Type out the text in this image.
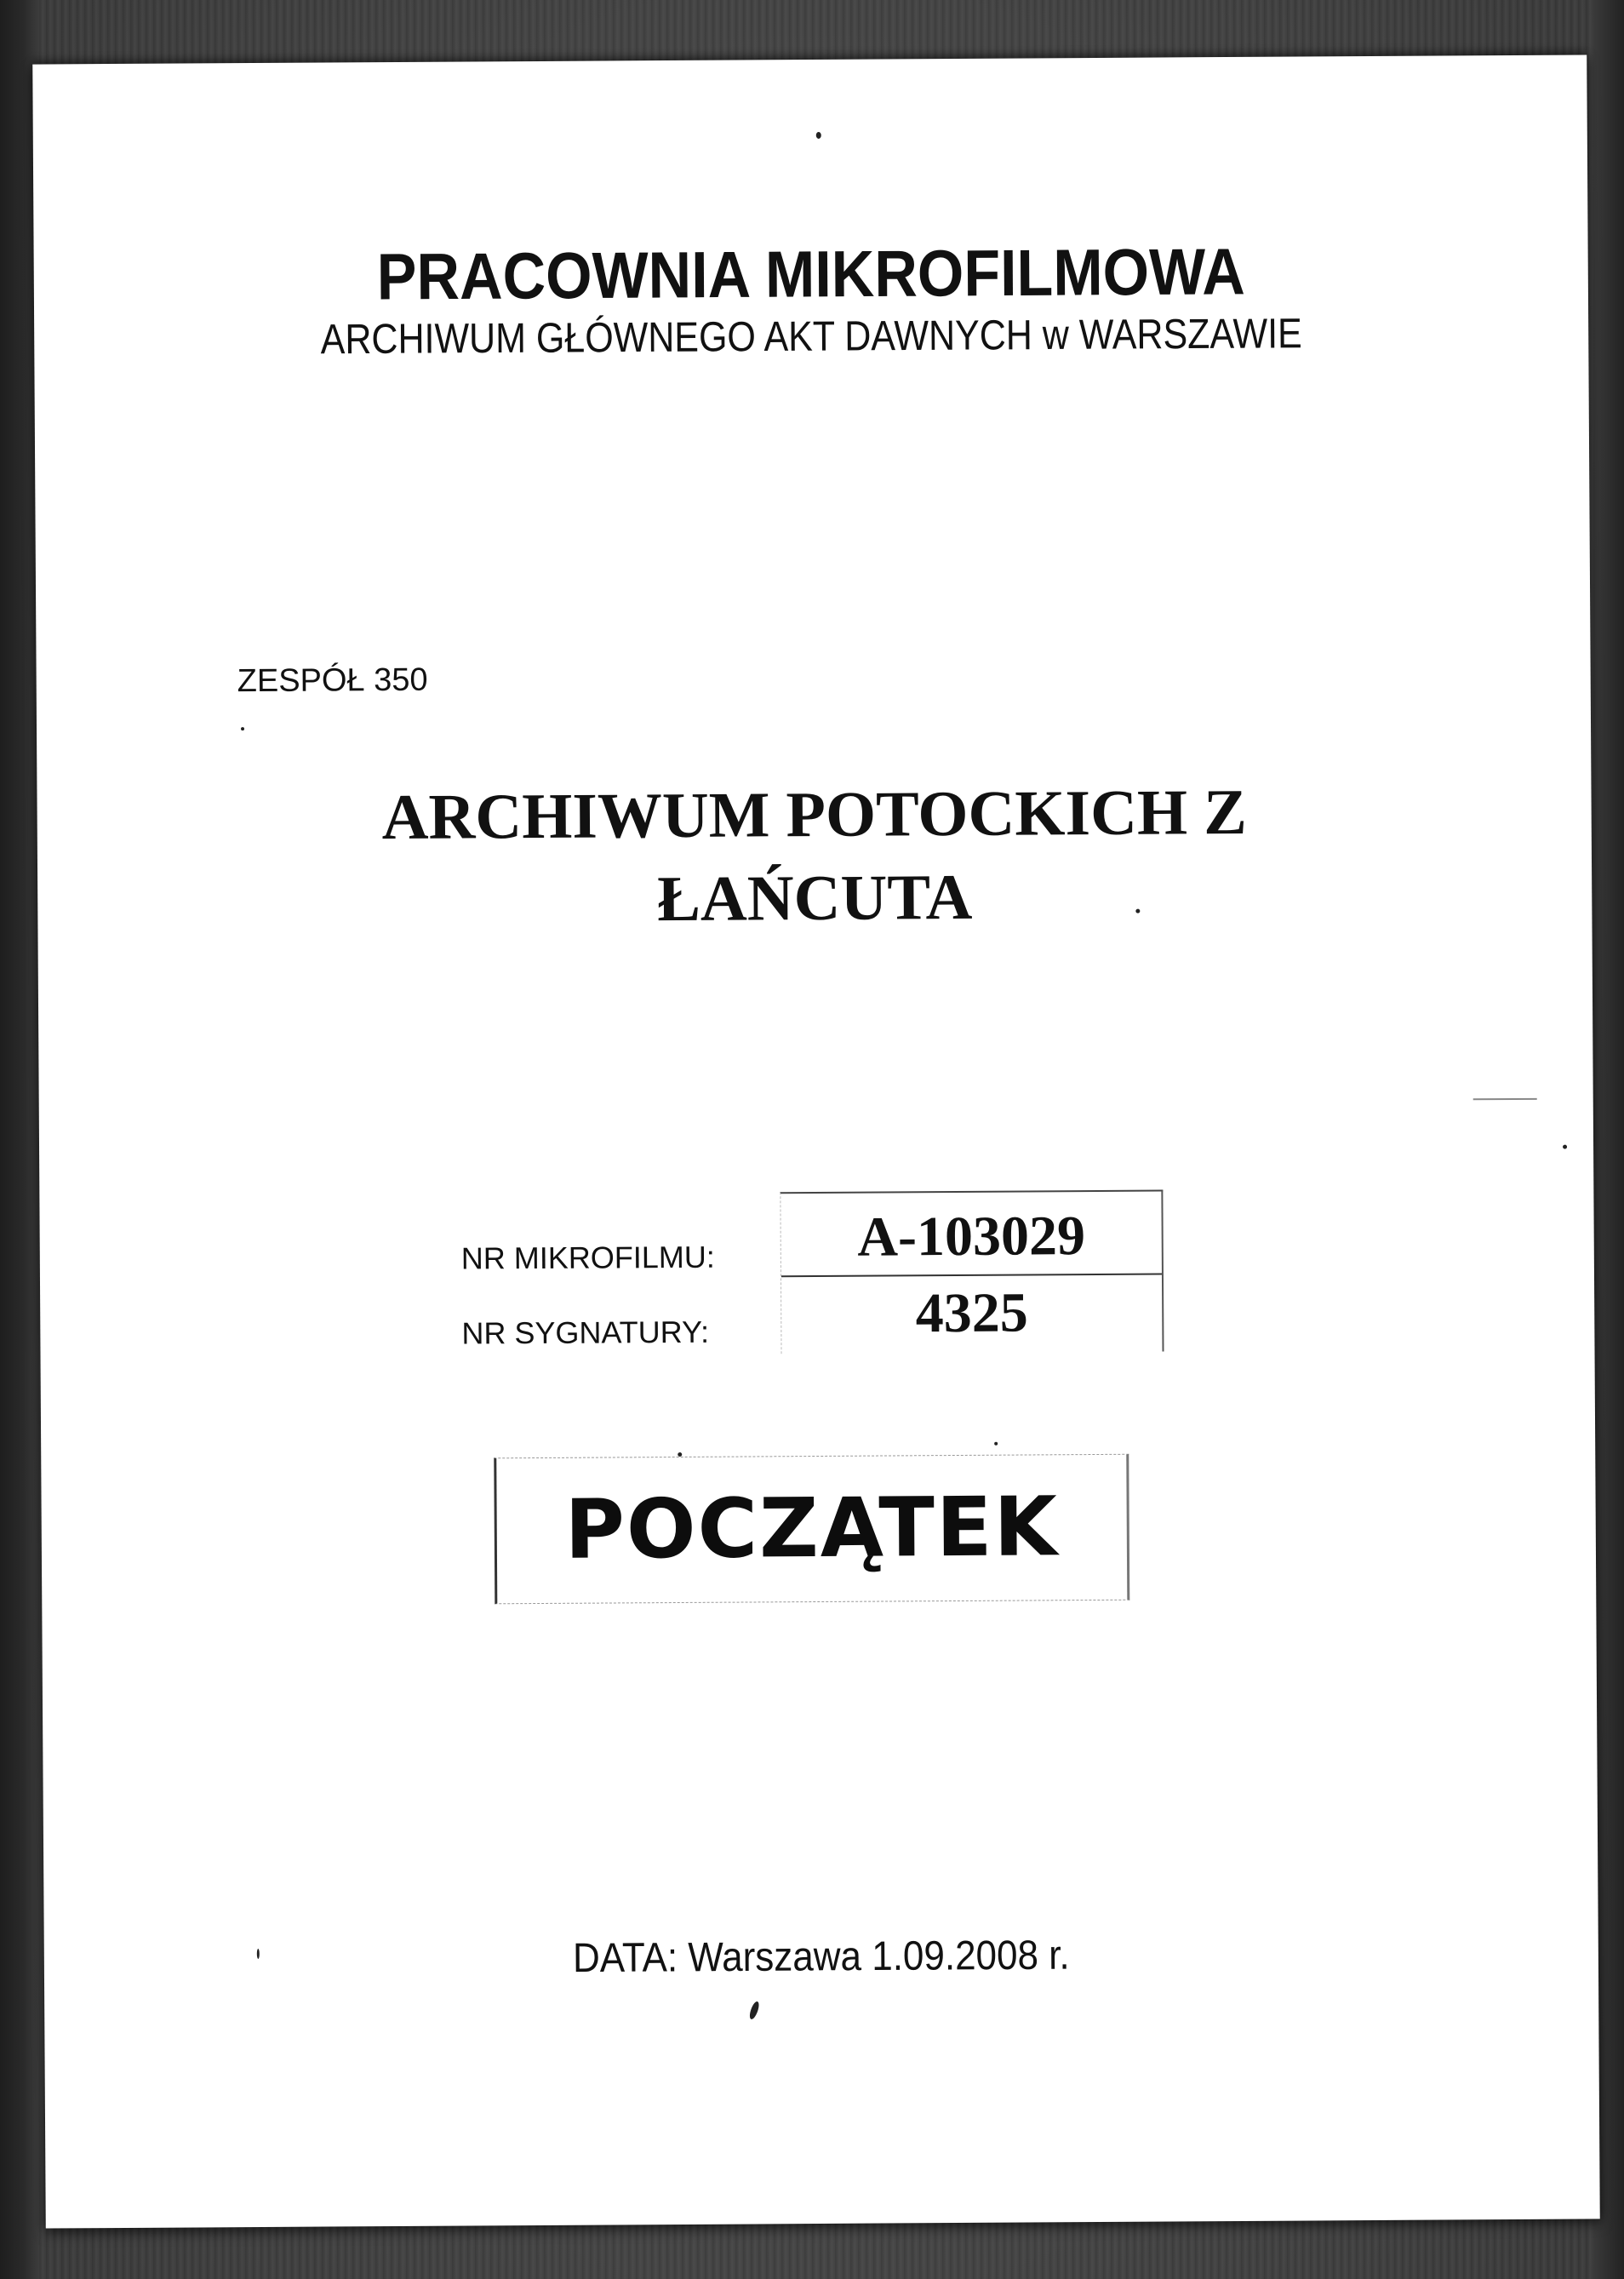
PRACOWNIA MIKROFILMOWA
ARCHIWUM GŁÓWNEGO AKT DAWNYCH w WARSZAWIE
ZESPÓŁ 350
ARCHIWUM POTOCKICH Z
ŁAŃCUTA
NR MIKROFILMU:
NR SYGNATURY:
A-103029
4325
POCZĄTEK
DATA: Warszawa 1.09.2008 r.
